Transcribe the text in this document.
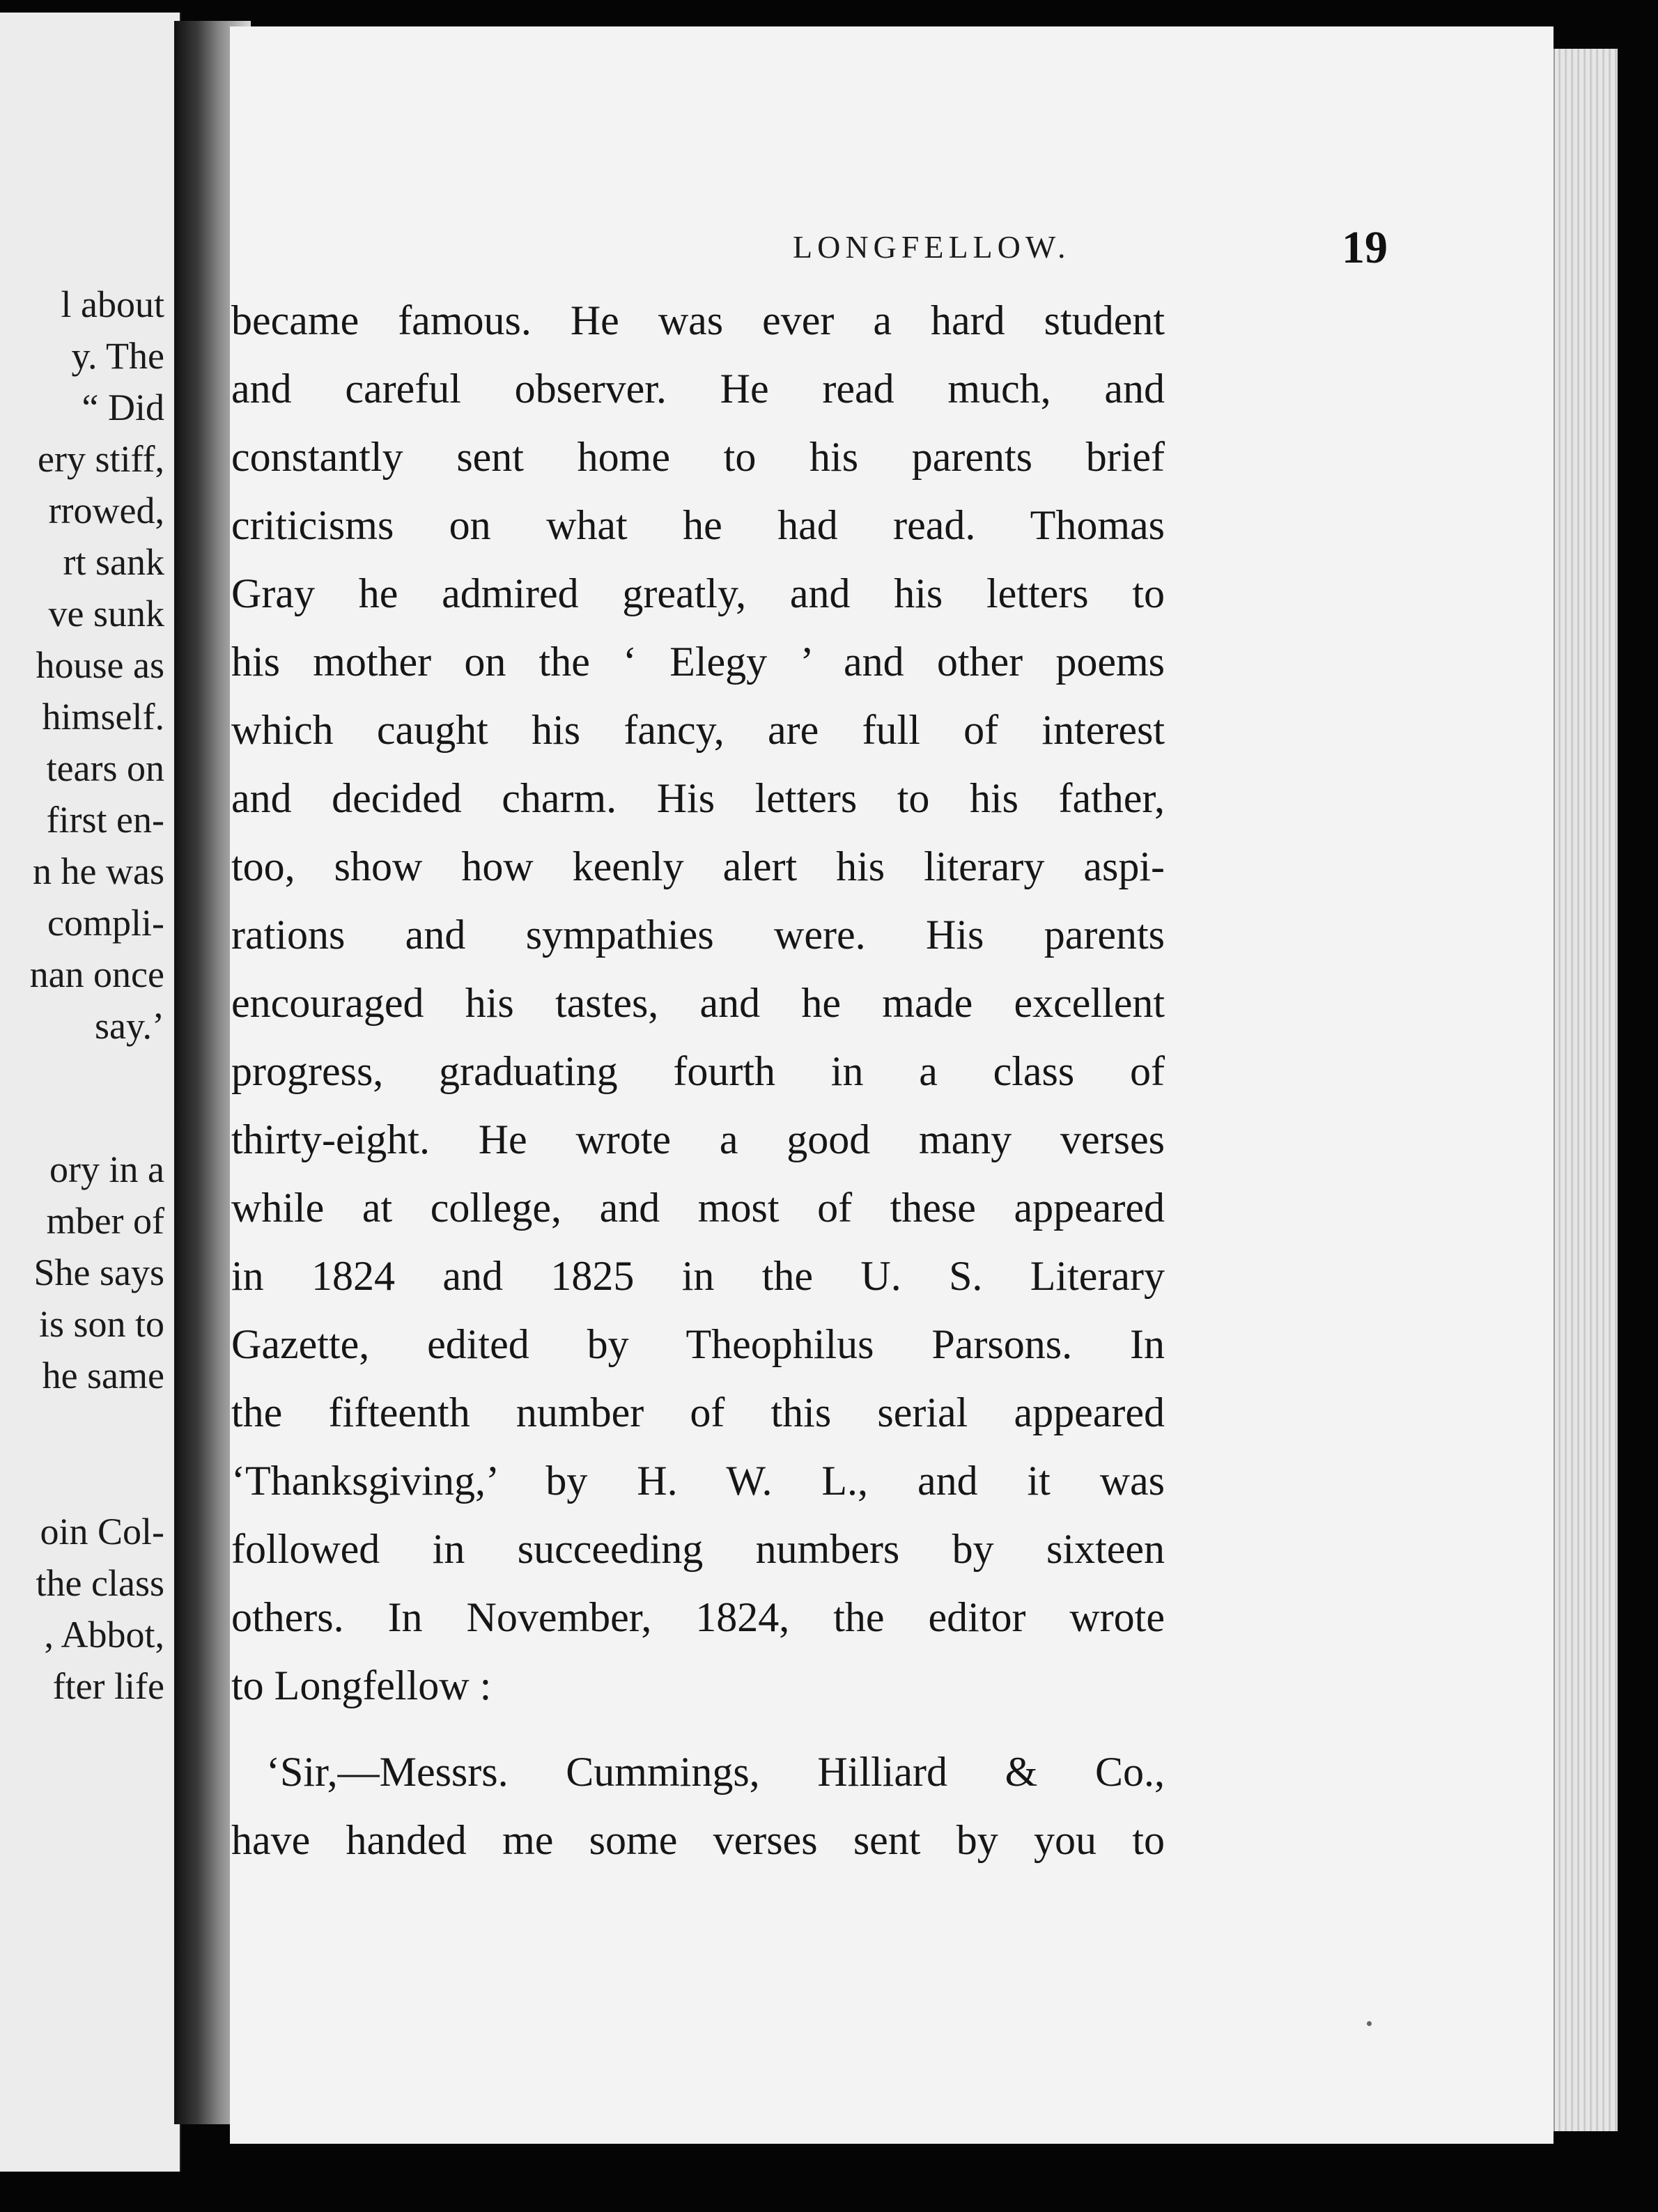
l about
y. The
“ Did
ery stiff,
rrowed,
rt sank
ve sunk
house as
himself.
tears on
first en-
n he was
compli-
nan once
say.’
ory in a
mber of
She says
is son to
he same
oin Col-
the class
, Abbot,
fter life
LONGFELLOW.	19
became famous. He was ever a hard student
and careful observer. He read much, and
constantly sent home to his parents brief
criticisms on what he had read. Thomas
Gray he admired greatly, and his letters to
his mother on the ‘ Elegy ’ and other poems
which caught his fancy, are full of interest
and decided charm. His letters to his father,
too, show how keenly alert his literary aspi-
rations and sympathies were. His parents
encouraged his tastes, and he made excellent
progress, graduating fourth in a class of
thirty-eight. He wrote a good many verses
while at college, and most of these appeared
in 1824 and 1825 in the U. S. Literary
Gazette, edited by Theophilus Parsons. In
the fifteenth number of this serial appeared
‘Thanksgiving,’ by H. W. L., and it was
followed in succeeding numbers by sixteen
others. In November, 1824, the editor wrote
to Longfellow :
‘Sir,—Messrs. Cummings, Hilliard & Co.,
have handed me some verses sent by you to
